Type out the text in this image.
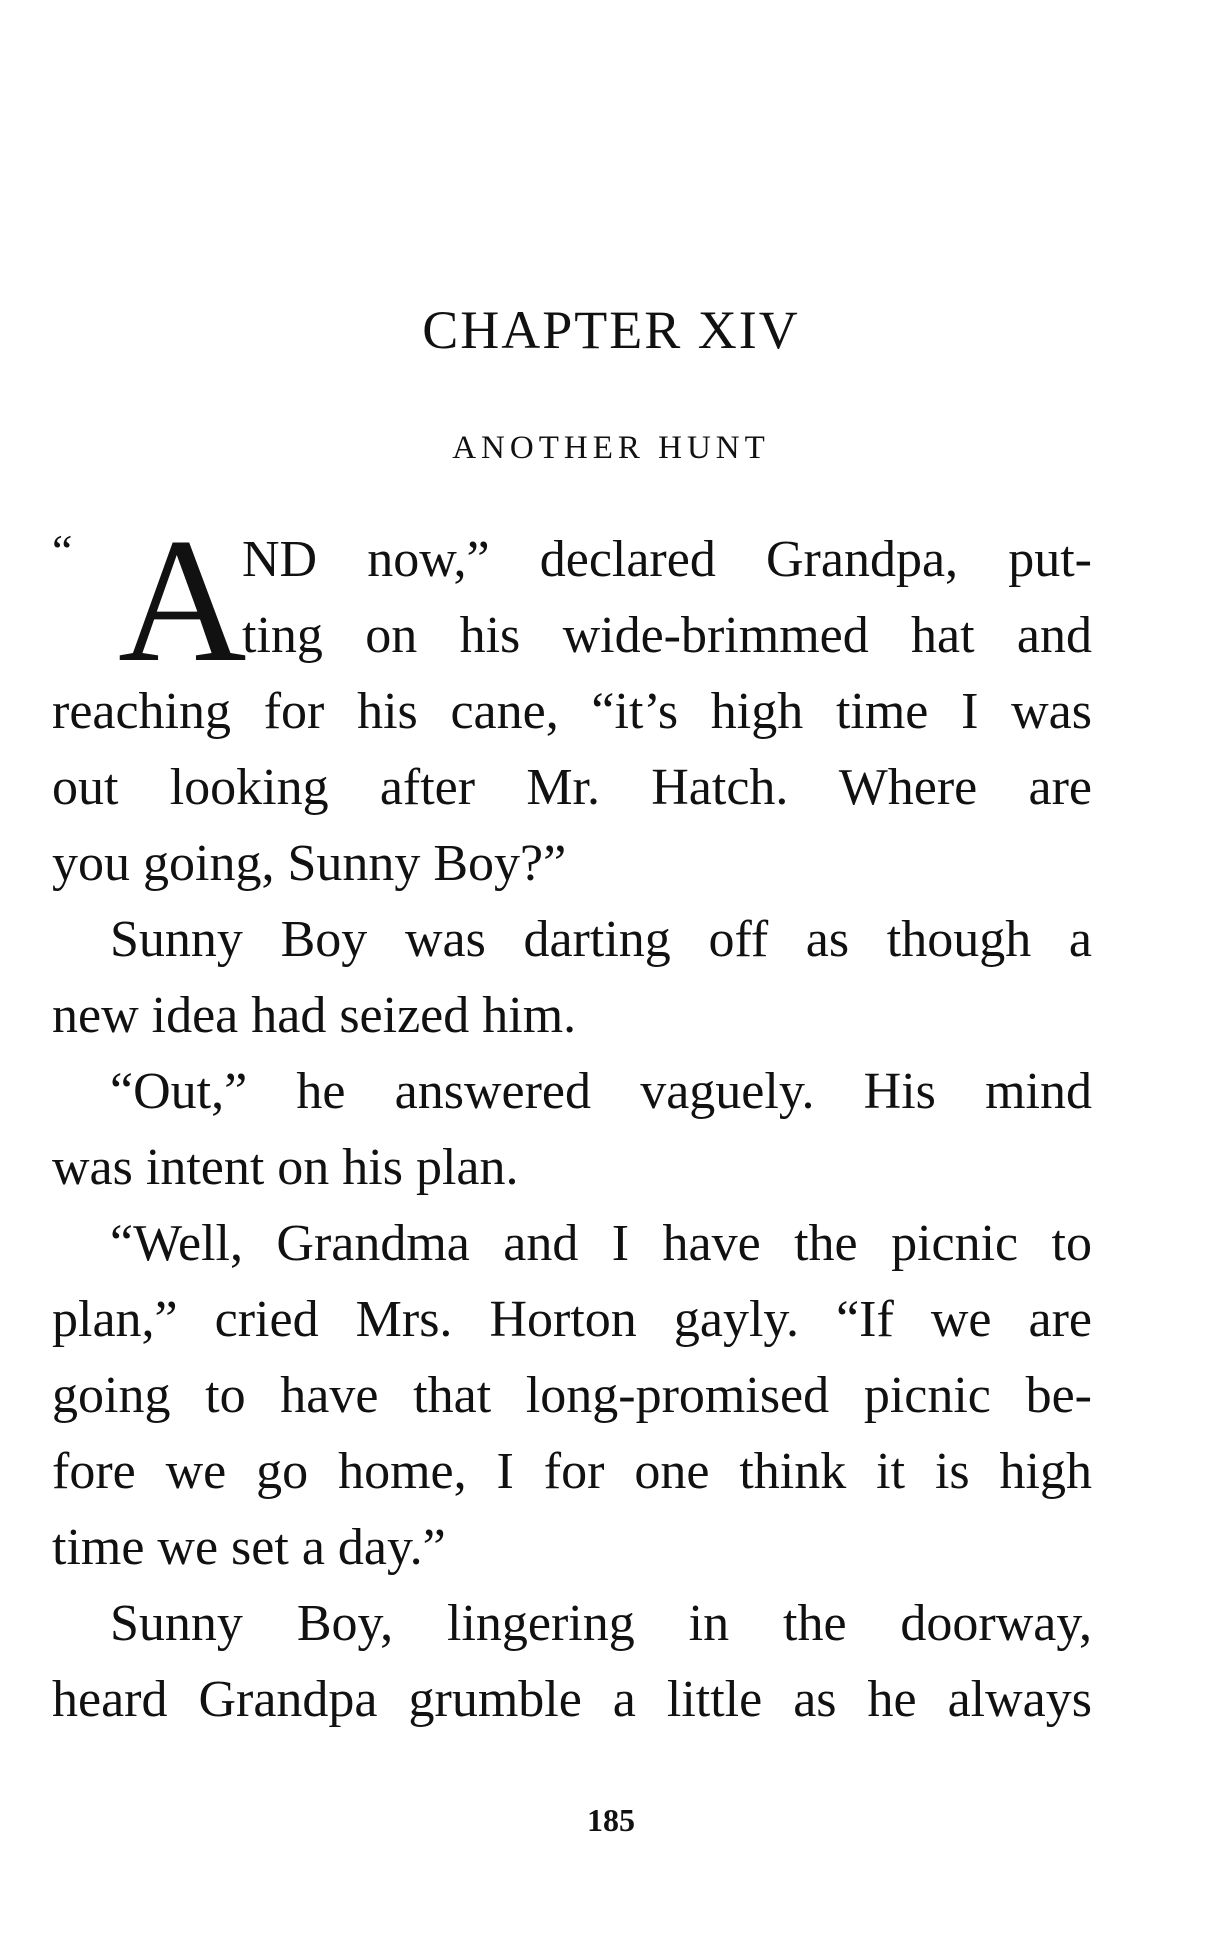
CHAPTER XIV
ANOTHER HUNT
“ A
ND now,” declared Grandpa, put-
ting on his wide-brimmed hat and
reaching for his cane, “it’s high time I was
out looking after Mr. Hatch. Where are
you going, Sunny Boy?”
Sunny Boy was darting off as though a
new idea had seized him.
“Out,” he answered vaguely. His mind
was intent on his plan.
“Well, Grandma and I have the picnic to
plan,” cried Mrs. Horton gayly. “If we are
going to have that long-promised picnic be-
fore we go home, I for one think it is high
time we set a day.”
Sunny Boy, lingering in the doorway,
heard Grandpa grumble a little as he always
185
